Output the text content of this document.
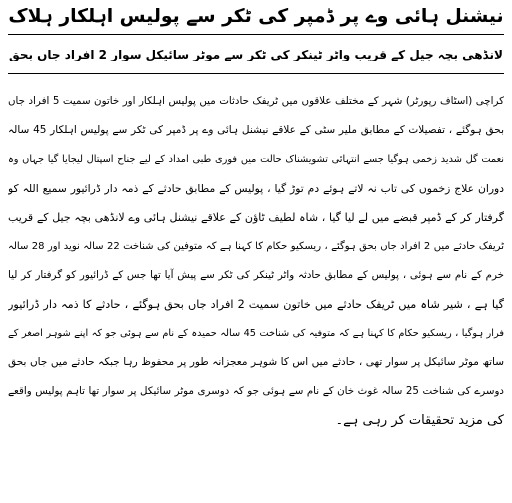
نیشنل ہائی وے پر ڈمپر کی ٹکر سے پولیس اہلکار ہلاک
لانڈھی بچہ جیل کے قریب واٹر ٹینکر کی ٹکر سے موٹر سائیکل سوار 2 افراد جاں بحق
کراچی (اسٹاف رپورٹر) شہر کے مختلف علاقوں میں ٹریفک حادثات میں پولیس اہلکار اور خاتون سمیت 5 افراد جاں
بحق ہوگئے ، تفصیلات کے مطابق ملیر سٹی کے علاقے نیشنل ہائی وے پر ڈمپر کی ٹکر سے پولیس اہلکار 45 سالہ
نعمت گل شدید زخمی ہوگیا جسے انتہائی تشویشناک حالت میں فوری طبی امداد کے لیے جناح اسپتال لیجایا گیا جہاں وہ
دوران علاج زخموں کی تاب نہ لاتے ہوئے دم توڑ گیا ، پولیس کے مطابق حادثے کے ذمہ دار ڈرائیور سمیع اللہ کو
گرفتار کر کے ڈمپر قبضے میں لے لیا گیا ، شاہ لطیف ٹاؤن کے علاقے نیشنل ہائی وے لانڈھی بچہ جیل کے قریب
ٹریفک حادثے میں 2 افراد جاں بحق ہوگئے ، ریسکیو حکام کا کہنا ہے کہ متوفین کی شناخت 22 سالہ نوید اور 28 سالہ
خرم کے نام سے ہوئی ، پولیس کے مطابق حادثہ واٹر ٹینکر کی ٹکر سے پیش آیا تھا جس کے ڈرائیور کو گرفتار کر لیا
گیا ہے ، شیر شاہ میں ٹریفک حادثے میں خاتون سمیت 2 افراد جاں بحق ہوگئے ، حادثے کا ذمہ دار ڈرائیور
فرار ہوگیا ، ریسکیو حکام کا کہنا ہے کہ متوفیہ کی شناخت 45 سالہ حمیدہ کے نام سے ہوئی جو کہ اپنے شوہر اصغر کے
ساتھ موٹر سائیکل پر سوار تھی ، حادثے میں اس کا شوہر معجزانہ طور پر محفوظ رہا جبکہ حادثے میں جاں بحق
دوسرے کی شناخت 25 سالہ غوث خان کے نام سے ہوئی جو کہ دوسری موٹر سائیکل پر سوار تھا تاہم پولیس واقعے
کی مزید تحقیقات کر رہی ہے۔
